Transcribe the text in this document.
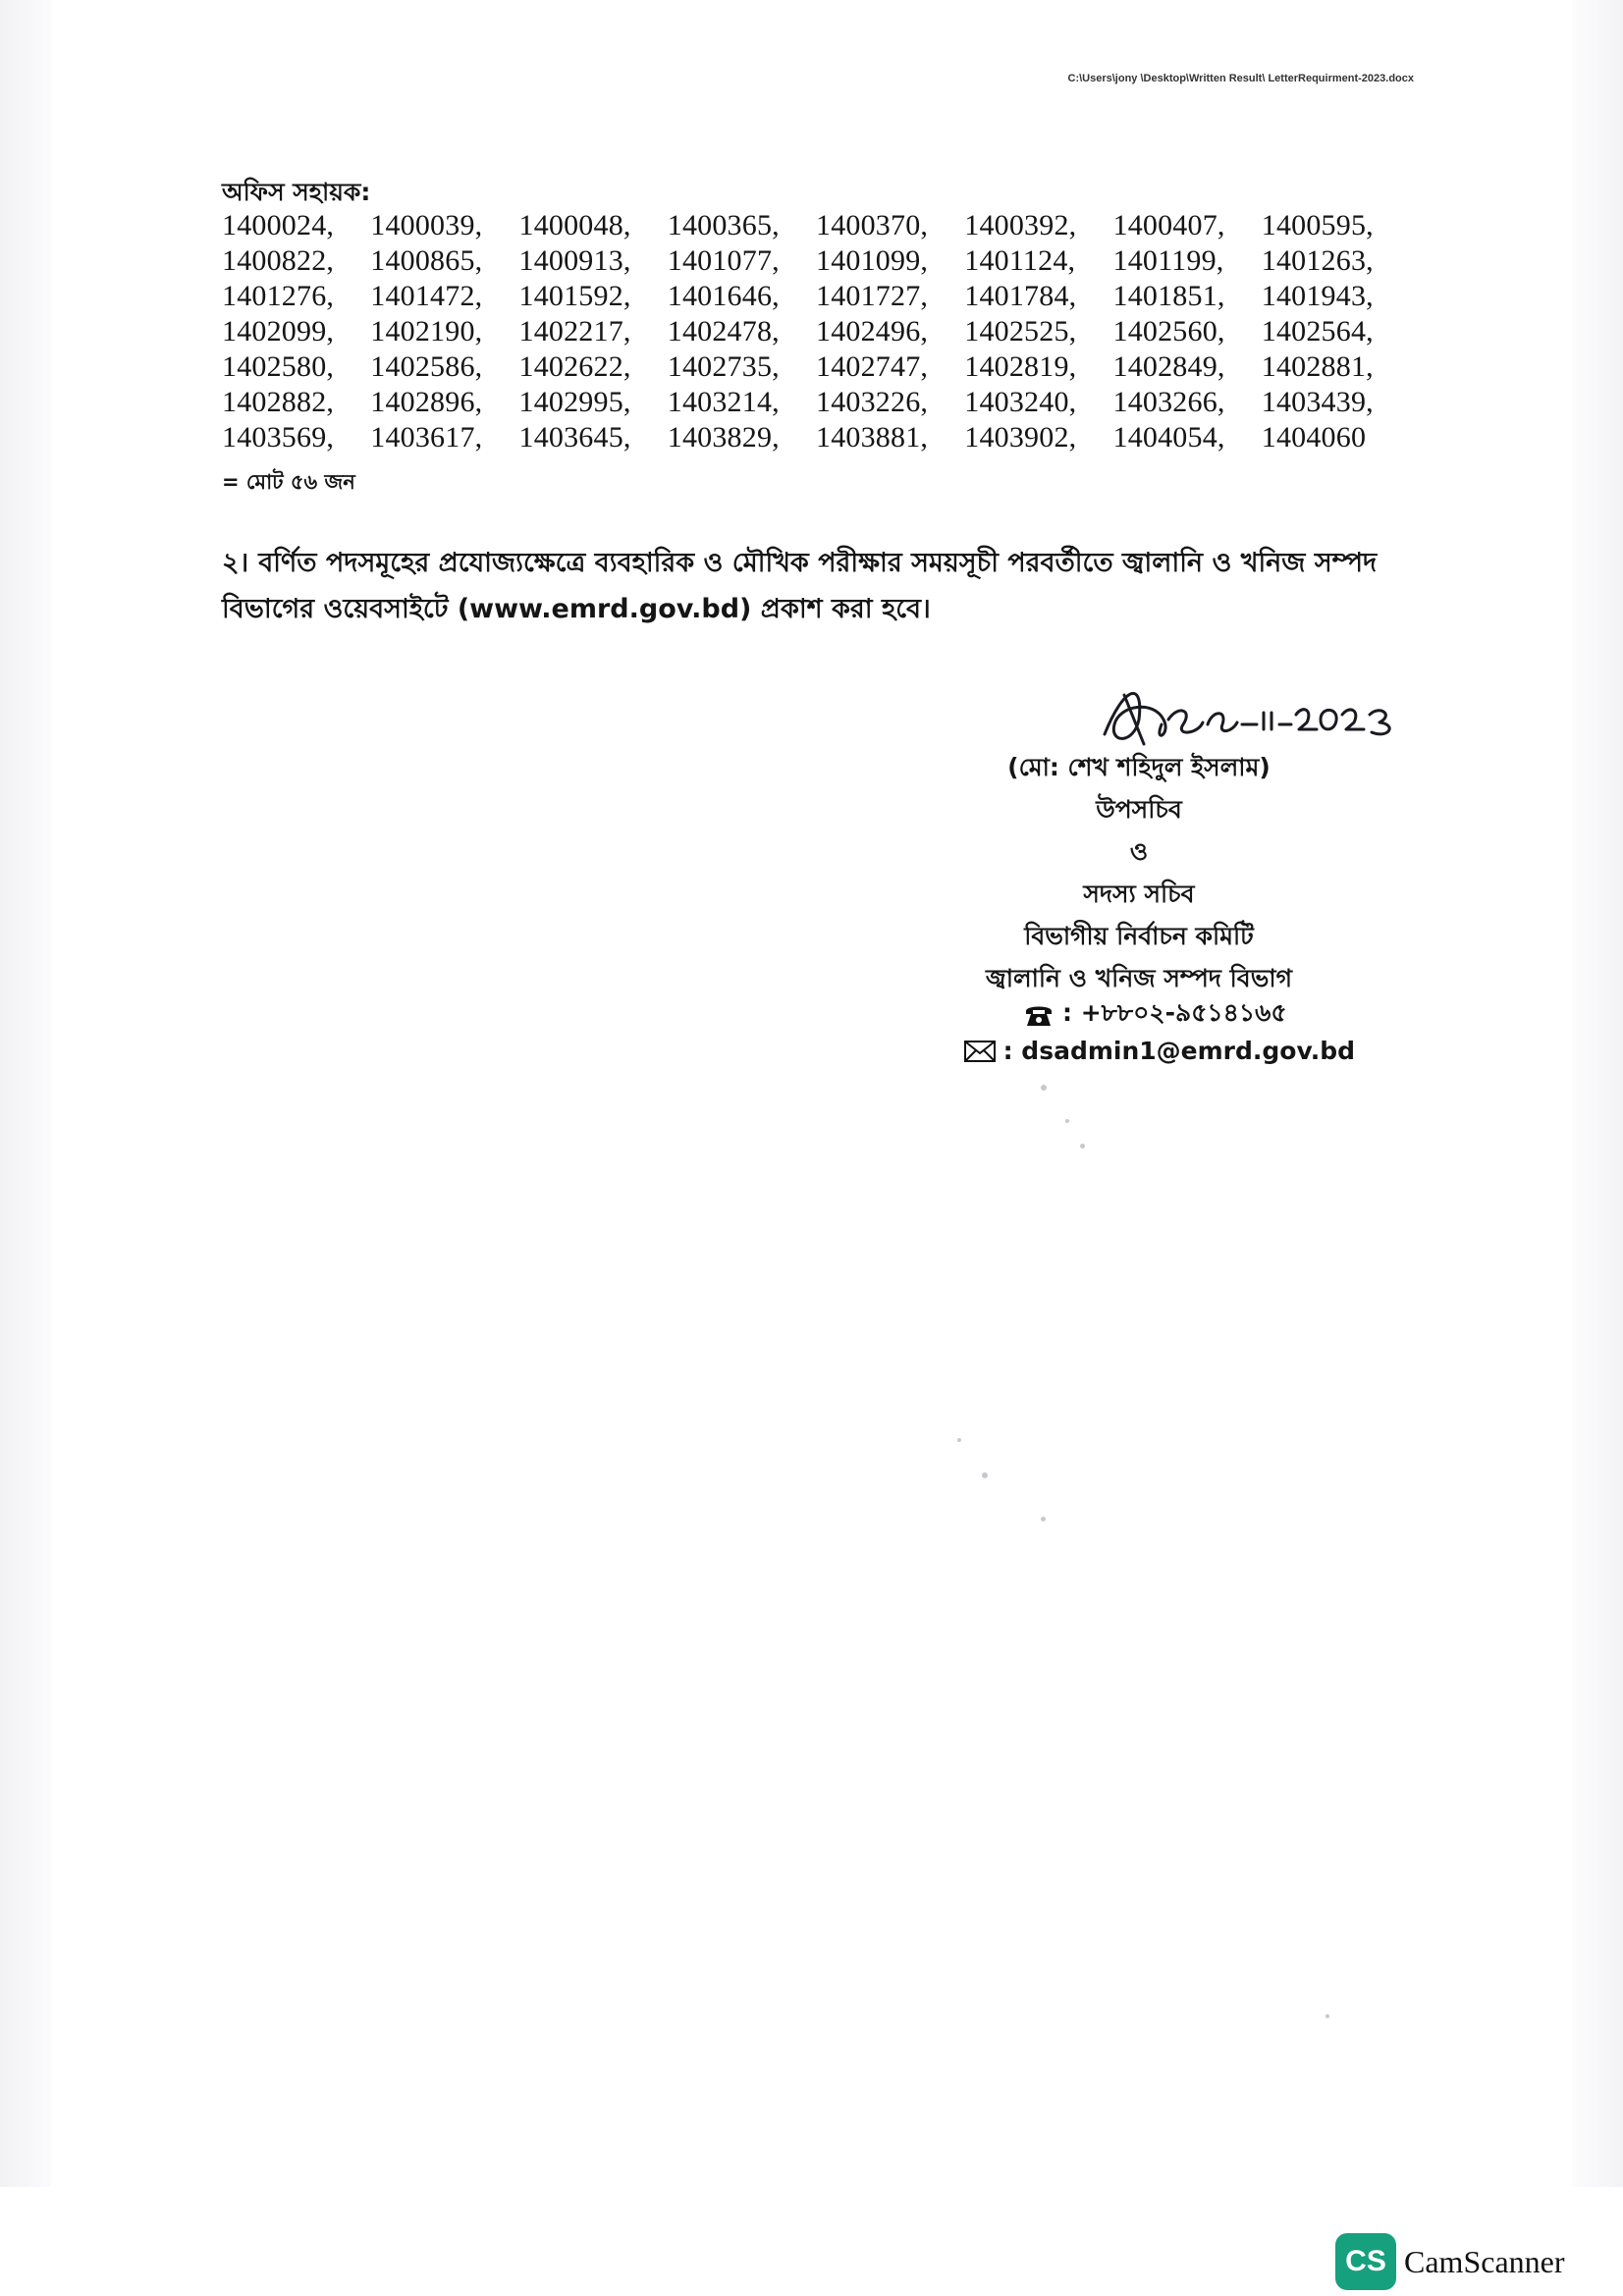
C:\Users\jony \Desktop\Written Result\ LetterRequirment-2023.docx
অফিস সহায়ক:
1400024,	1400039,	1400048,	1400365,	1400370,	1400392,	1400407,	1400595,
1400822,	1400865,	1400913,	1401077,	1401099,	1401124,	1401199,	1401263,
1401276,	1401472,	1401592,	1401646,	1401727,	1401784,	1401851,	1401943,
1402099,	1402190,	1402217,	1402478,	1402496,	1402525,	1402560,	1402564,
1402580,	1402586,	1402622,	1402735,	1402747,	1402819,	1402849,	1402881,
1402882,	1402896,	1402995,	1403214,	1403226,	1403240,	1403266,	1403439,
1403569,	1403617,	1403645,	1403829,	1403881,	1403902,	1404054,	1404060
= মোট ৫৬ জন
২। বর্ণিত পদসমূহের প্রযোজ্যক্ষেত্রে ব্যবহারিক ও মৌখিক পরীক্ষার সময়সূচী পরবর্তীতে জ্বালানি ও খনিজ সম্পদ বিভাগের ওয়েবসাইটে (www.emrd.gov.bd) প্রকাশ করা হবে।
(মো: শেখ শহিদুল ইসলাম)
উপসচিব
ও
সদস্য সচিব
বিভাগীয় নির্বাচন কমিটি
জ্বালানি ও খনিজ সম্পদ বিভাগ
: +৮৮০২-৯৫১৪১৬৫
: dsadmin1@emrd.gov.bd
CS CamScanner
